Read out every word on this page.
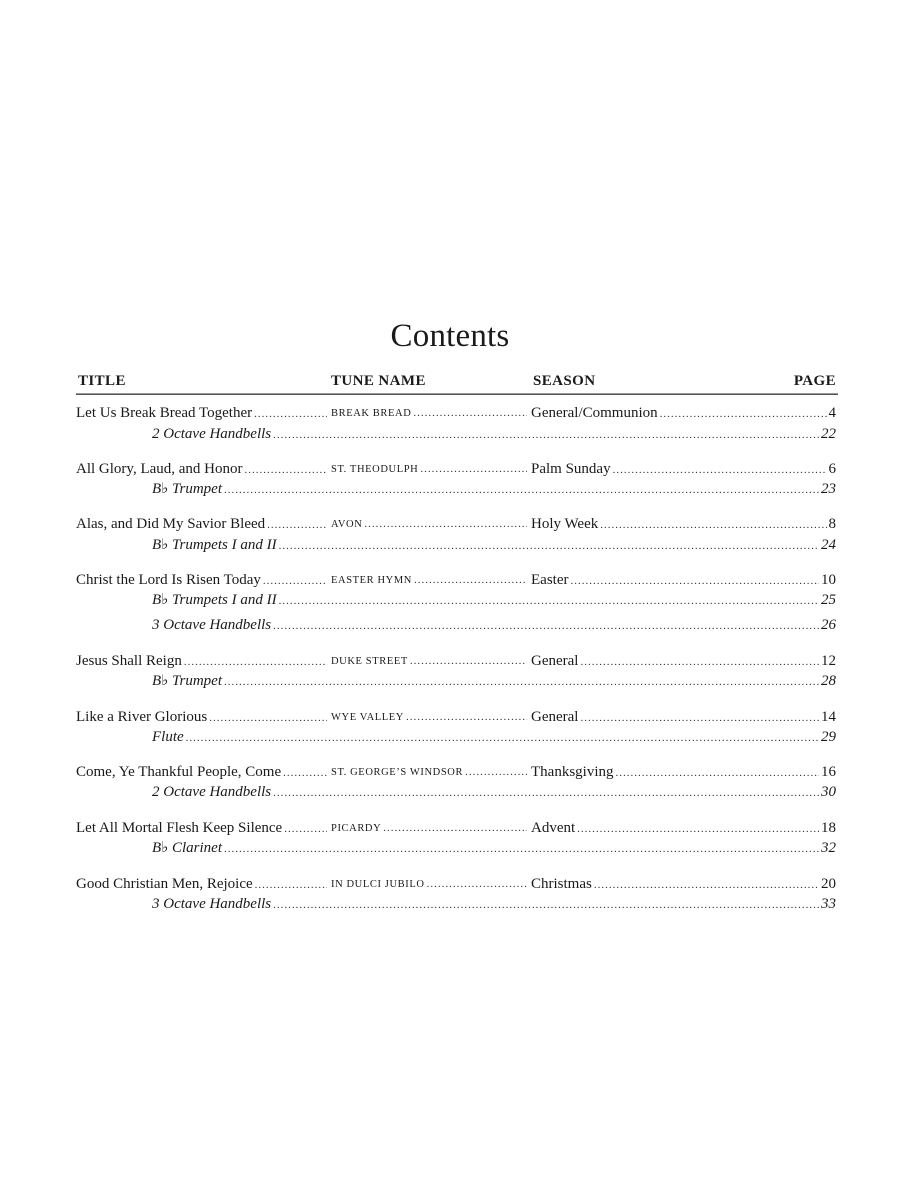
Contents
TITLE	TUNE NAME	SEASON	PAGE
Let Us Break Bread Together .....	BREAK BREAD .....	General/Communion .....	4
2 Octave Handbells .....	22
All Glory, Laud, and Honor .....	ST. THEODULPH .....	Palm Sunday .....	6
B♭ Trumpet .....	23
Alas, and Did My Savior Bleed .....	AVON .....	Holy Week .....	8
B♭ Trumpets I and II .....	24
Christ the Lord Is Risen Today .....	EASTER HYMN .....	Easter .....	10
B♭ Trumpets I and II .....	25
3 Octave Handbells .....	26
Jesus Shall Reign .....	DUKE STREET .....	General .....	12
B♭ Trumpet .....	28
Like a River Glorious .....	WYE VALLEY .....	General .....	14
Flute .....	29
Come, Ye Thankful People, Come .....	ST. GEORGE’S WINDSOR .....	Thanksgiving .....	16
2 Octave Handbells .....	30
Let All Mortal Flesh Keep Silence .....	PICARDY .....	Advent .....	18
B♭ Clarinet .....	32
Good Christian Men, Rejoice .....	IN DULCI JUBILO .....	Christmas .....	20
3 Octave Handbells .....	33
